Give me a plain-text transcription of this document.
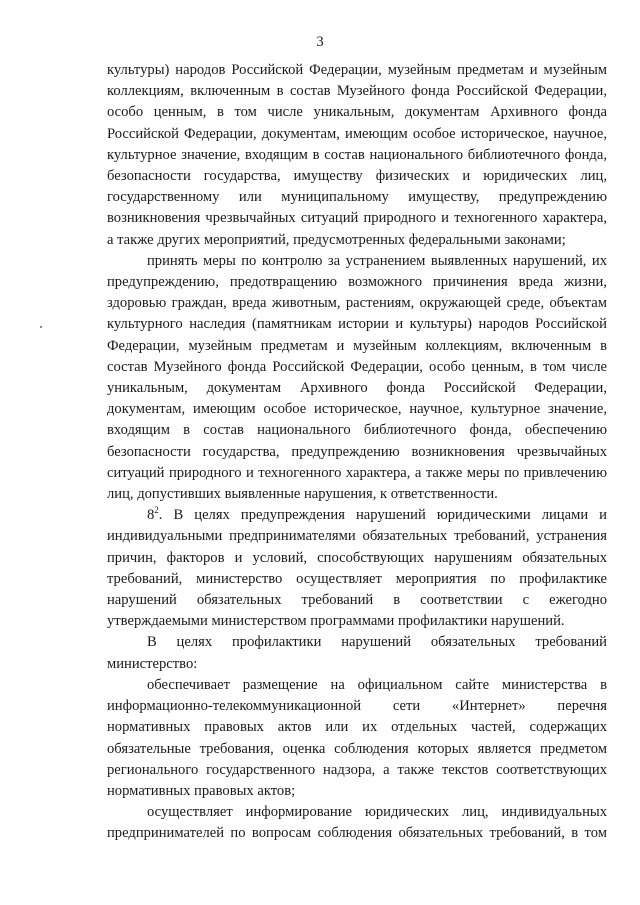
3

культуры) народов Российской Федерации, музейным предметам и музейным коллекциям, включенным в состав Музейного фонда Российской Федерации, особо ценным, в том числе уникальным, документам Архивного фонда Российской Федерации, документам, имеющим особое историческое, научное, культурное значение, входящим в состав национального библиотечного фонда, безопасности государства, имуществу физических и юридических лиц, государственному или муниципальному имуществу, предупреждению возникновения чрезвычайных ситуаций природного и техногенного характера, а также других мероприятий, предусмотренных федеральными законами;

принять меры по контролю за устранением выявленных нарушений, их предупреждению, предотвращению возможного причинения вреда жизни, здоровью граждан, вреда животным, растениям, окружающей среде, объектам культурного наследия (памятникам истории и культуры) народов Российской Федерации, музейным предметам и музейным коллекциям, включенным в состав Музейного фонда Российской Федерации, особо ценным, в том числе уникальным, документам Архивного фонда Российской Федерации, документам, имеющим особое историческое, научное, культурное значение, входящим в состав национального библиотечного фонда, обеспечению безопасности государства, предупреждению возникновения чрезвычайных ситуаций природного и техногенного характера, а также меры по привлечению лиц, допустивших выявленные нарушения, к ответственности.

$8^2$. В целях предупреждения нарушений юридическими лицами и индивидуальными предпринимателями обязательных требований, устранения причин, факторов и условий, способствующих нарушениям обязательных требований, министерство осуществляет мероприятия по профилактике нарушений обязательных требований в соответствии с ежегодно утверждаемыми министерством программами профилактики нарушений.

В целях профилактики нарушений обязательных требований министерство:

обеспечивает размещение на официальном сайте министерства в информационно-телекоммуникационной сети «Интернет» перечня нормативных правовых актов или их отдельных частей, содержащих обязательные требования, оценка соблюдения которых является предметом регионального государственного надзора, а также текстов соответствующих нормативных правовых актов;

осуществляет информирование юридических лиц, индивидуальных предпринимателей по вопросам соблюдения обязательных требований, в том
